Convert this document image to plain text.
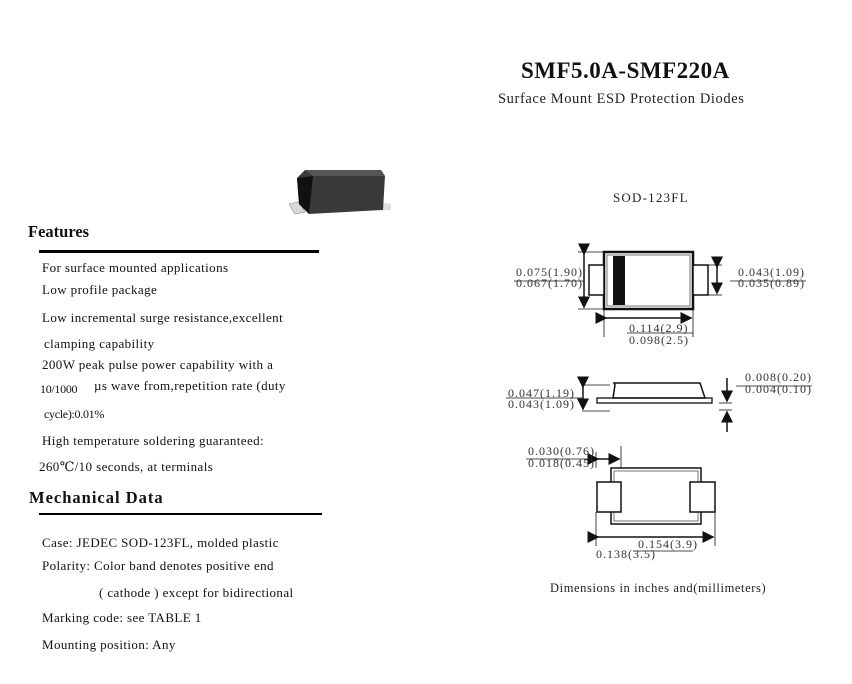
SMF5.0A-SMF220A
Surface Mount ESD Protection Diodes
Features
For surface mounted applications
Low profile package
Low incremental surge resistance,excellent
clamping capability
200W peak pulse power capability with a
10/1000 µs wave from,repetition rate (duty
cycle):0.01%
High temperature soldering guaranteed:
260℃/10 seconds, at terminals
Mechanical Data
Case: JEDEC SOD-123FL, molded plastic
Polarity: Color band denotes positive end
( cathode ) except for bidirectional
Marking code: see TABLE 1
Mounting position: Any
SOD-123FL
0.075(1.90)
0.067(1.70)
0.043(1.09)
0.035(0.89)
0.114(2.9)
0.098(2.5)
0.047(1.19)
0.043(1.09)
0.008(0.20)
0.004(0.10)
0.030(0.76)
0.018(0.45)
0.154(3.9)
0.138(3.5)
Dimensions in inches and(millimeters)
